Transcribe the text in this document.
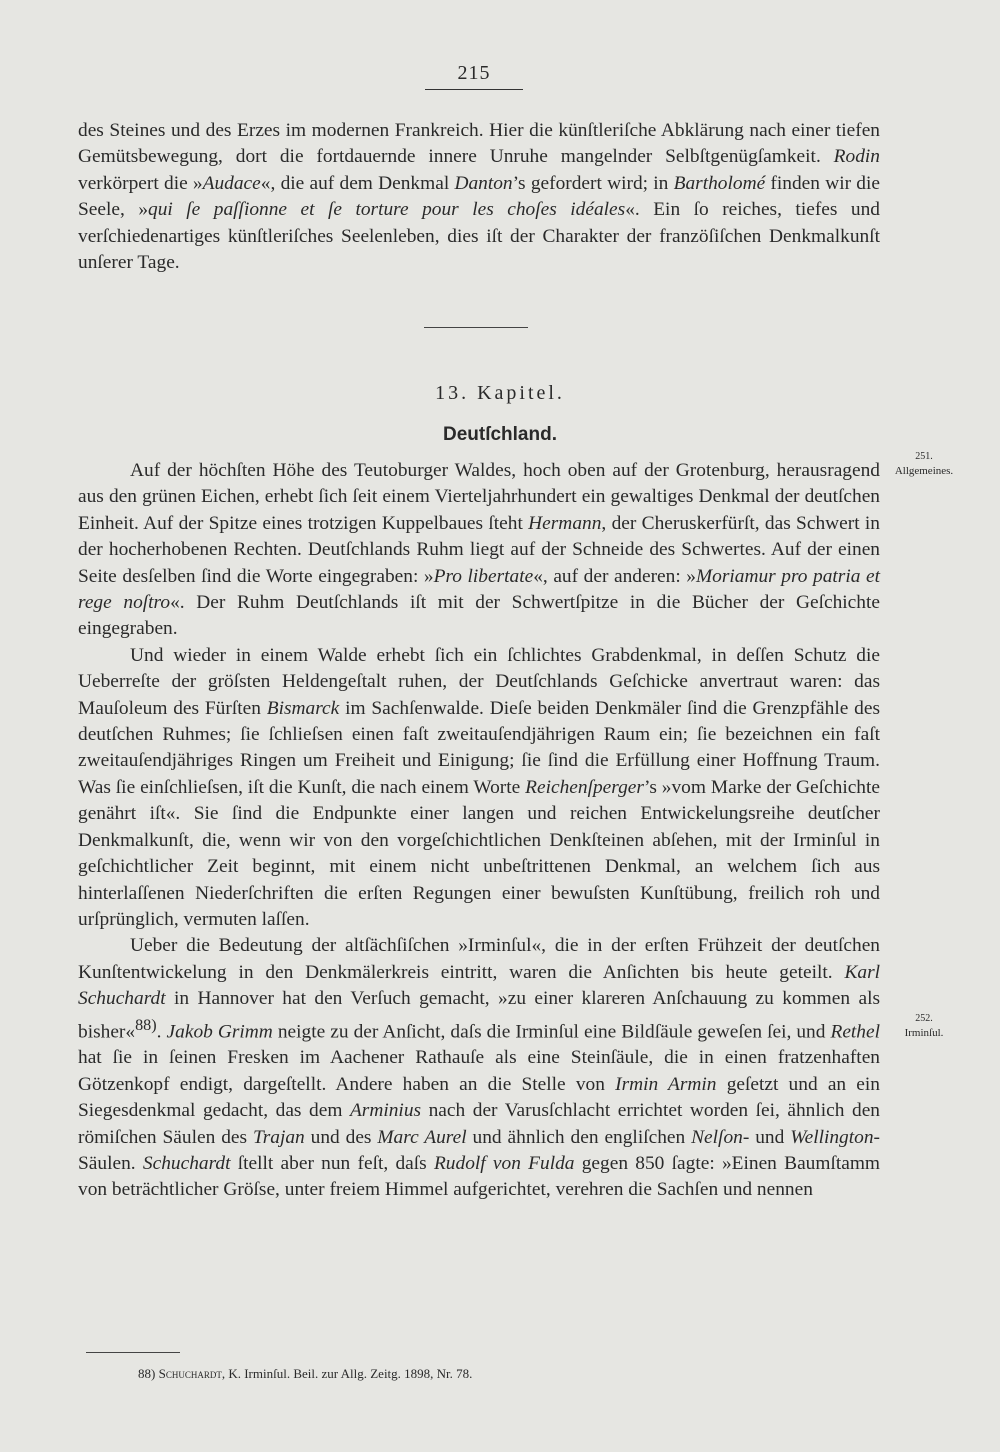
215

des Steines und des Erzes im modernen Frankreich. Hier die künſtleriſche Abklärung nach einer tiefen Gemütsbewegung, dort die fortdauernde innere Unruhe mangelnder Selbſtgenügſamkeit. Rodin verkörpert die »Audace«, die auf dem Denkmal Danton’s gefordert wird; in Bartholomé finden wir die Seele, »qui ſe paſſionne et ſe torture pour les choſes idéales«. Ein ſo reiches, tiefes und verſchiedenartiges künſtleriſches Seelenleben, dies iſt der Charakter der franzöſiſchen Denkmalkunſt unſerer Tage.

13. Kapitel.
Deutſchland.
251.
Allgemeines.
252.
Irminſul.

Auf der höchſten Höhe des Teutoburger Waldes, hoch oben auf der Grotenburg, herausragend aus den grünen Eichen, erhebt ſich ſeit einem Vierteljahrhundert ein gewaltiges Denkmal der deutſchen Einheit. Auf der Spitze eines trotzigen Kuppelbaues ſteht Hermann, der Cheruskerfürſt, das Schwert in der hocherhobenen Rechten. Deutſchlands Ruhm liegt auf der Schneide des Schwertes. Auf der einen Seite desſelben ſind die Worte eingegraben: »Pro libertate«, auf der anderen: »Moriamur pro patria et rege noſtro«. Der Ruhm Deutſchlands iſt mit der Schwertſpitze in die Bücher der Geſchichte eingegraben.

Und wieder in einem Walde erhebt ſich ein ſchlichtes Grabdenkmal, in deſſen Schutz die Ueberreſte der gröſsten Heldengeſtalt ruhen, der Deutſchlands Geſchicke anvertraut waren: das Mauſoleum des Fürſten Bismarck im Sachſenwalde. Dieſe beiden Denkmäler ſind die Grenzpfähle des deutſchen Ruhmes; ſie ſchlieſsen einen faſt zweitauſendjährigen Raum ein; ſie bezeichnen ein faſt zweitauſendjähriges Ringen um Freiheit und Einigung; ſie ſind die Erfüllung einer Hoffnung Traum. Was ſie einſchlieſsen, iſt die Kunſt, die nach einem Worte Reichenſperger’s »vom Marke der Geſchichte genährt iſt«. Sie ſind die Endpunkte einer langen und reichen Entwickelungsreihe deutſcher Denkmalkunſt, die, wenn wir von den vorgeſchichtlichen Denkſteinen abſehen, mit der Irminſul in geſchichtlicher Zeit beginnt, mit einem nicht unbeſtrittenen Denkmal, an welchem ſich aus hinterlaſſenen Niederſchriften die erſten Regungen einer bewuſsten Kunſtübung, freilich roh und urſprünglich, vermuten laſſen.

Ueber die Bedeutung der altſächſiſchen »Irminſul«, die in der erſten Frühzeit der deutſchen Kunſtentwickelung in den Denkmälerkreis eintritt, waren die Anſichten bis heute geteilt. Karl Schuchardt in Hannover hat den Verſuch gemacht, »zu einer klareren Anſchauung zu kommen als bisher«$^{88)}$. Jakob Grimm neigte zu der Anſicht, daſs die Irminſul eine Bildſäule geweſen ſei, und Rethel hat ſie in ſeinen Fresken im Aachener Rathauſe als eine Steinſäule, die in einen fratzenhaften Götzenkopf endigt, dargeſtellt. Andere haben an die Stelle von Irmin Armin geſetzt und an ein Siegesdenkmal gedacht, das dem Arminius nach der Varusſchlacht errichtet worden ſei, ähnlich den römiſchen Säulen des Trajan und des Marc Aurel und ähnlich den engliſchen Nelſon- und Wellington-Säulen. Schuchardt ſtellt aber nun feſt, daſs Rudolf von Fulda gegen 850 ſagte: »Einen Baumſtamm von beträchtlicher Gröſse, unter freiem Himmel aufgerichtet, verehren die Sachſen und nennen

88) Schuchardt, K. Irminſul. Beil. zur Allg. Zeitg. 1898, Nr. 78.
